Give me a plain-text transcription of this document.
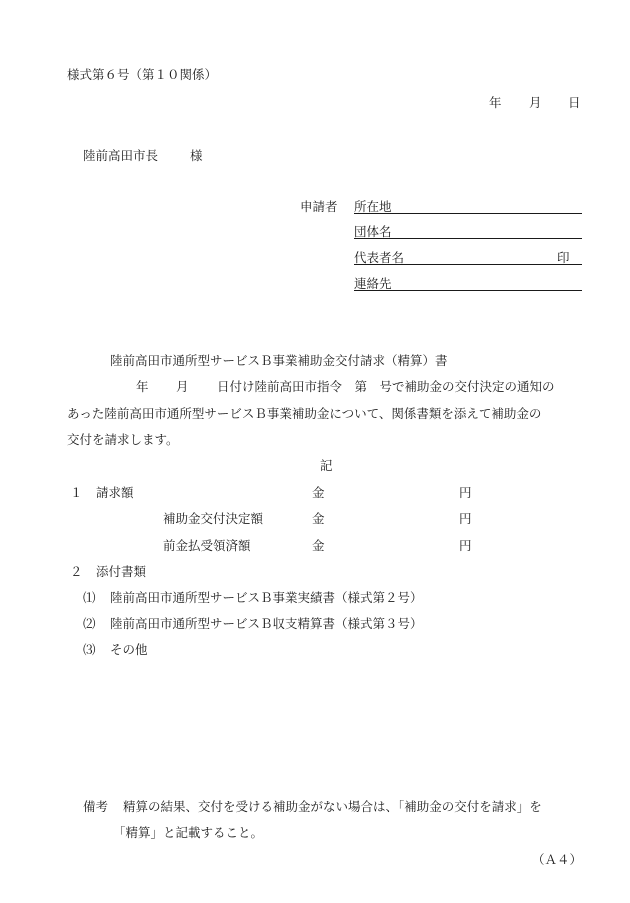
様式第６号（第１０関係）
年 月 日
陸前高田市長	様
申請者 所在地
団体名
代表者名	印
連絡先
陸前高田市通所型サービスＢ事業補助金交付請求（精算）書
年 月 日付け陸前高田市指令　第　号で補助金の交付決定の通知の
あった陸前高田市通所型サービスＢ事業補助金について、関係書類を添えて補助金の
交付を請求します。
記
１ 請求額	金	円
補助金交付決定額	金	円
前金払受領済額	金	円
２ 添付書類
⑴ 陸前高田市通所型サービスＢ事業実績書（様式第２号）
⑵ 陸前高田市通所型サービスＢ収支精算書（様式第３号）
⑶ その他
備考 精算の結果、交付を受ける補助金がない場合は、「補助金の交付を請求」を
「精算」と記載すること。
（Ａ４）
